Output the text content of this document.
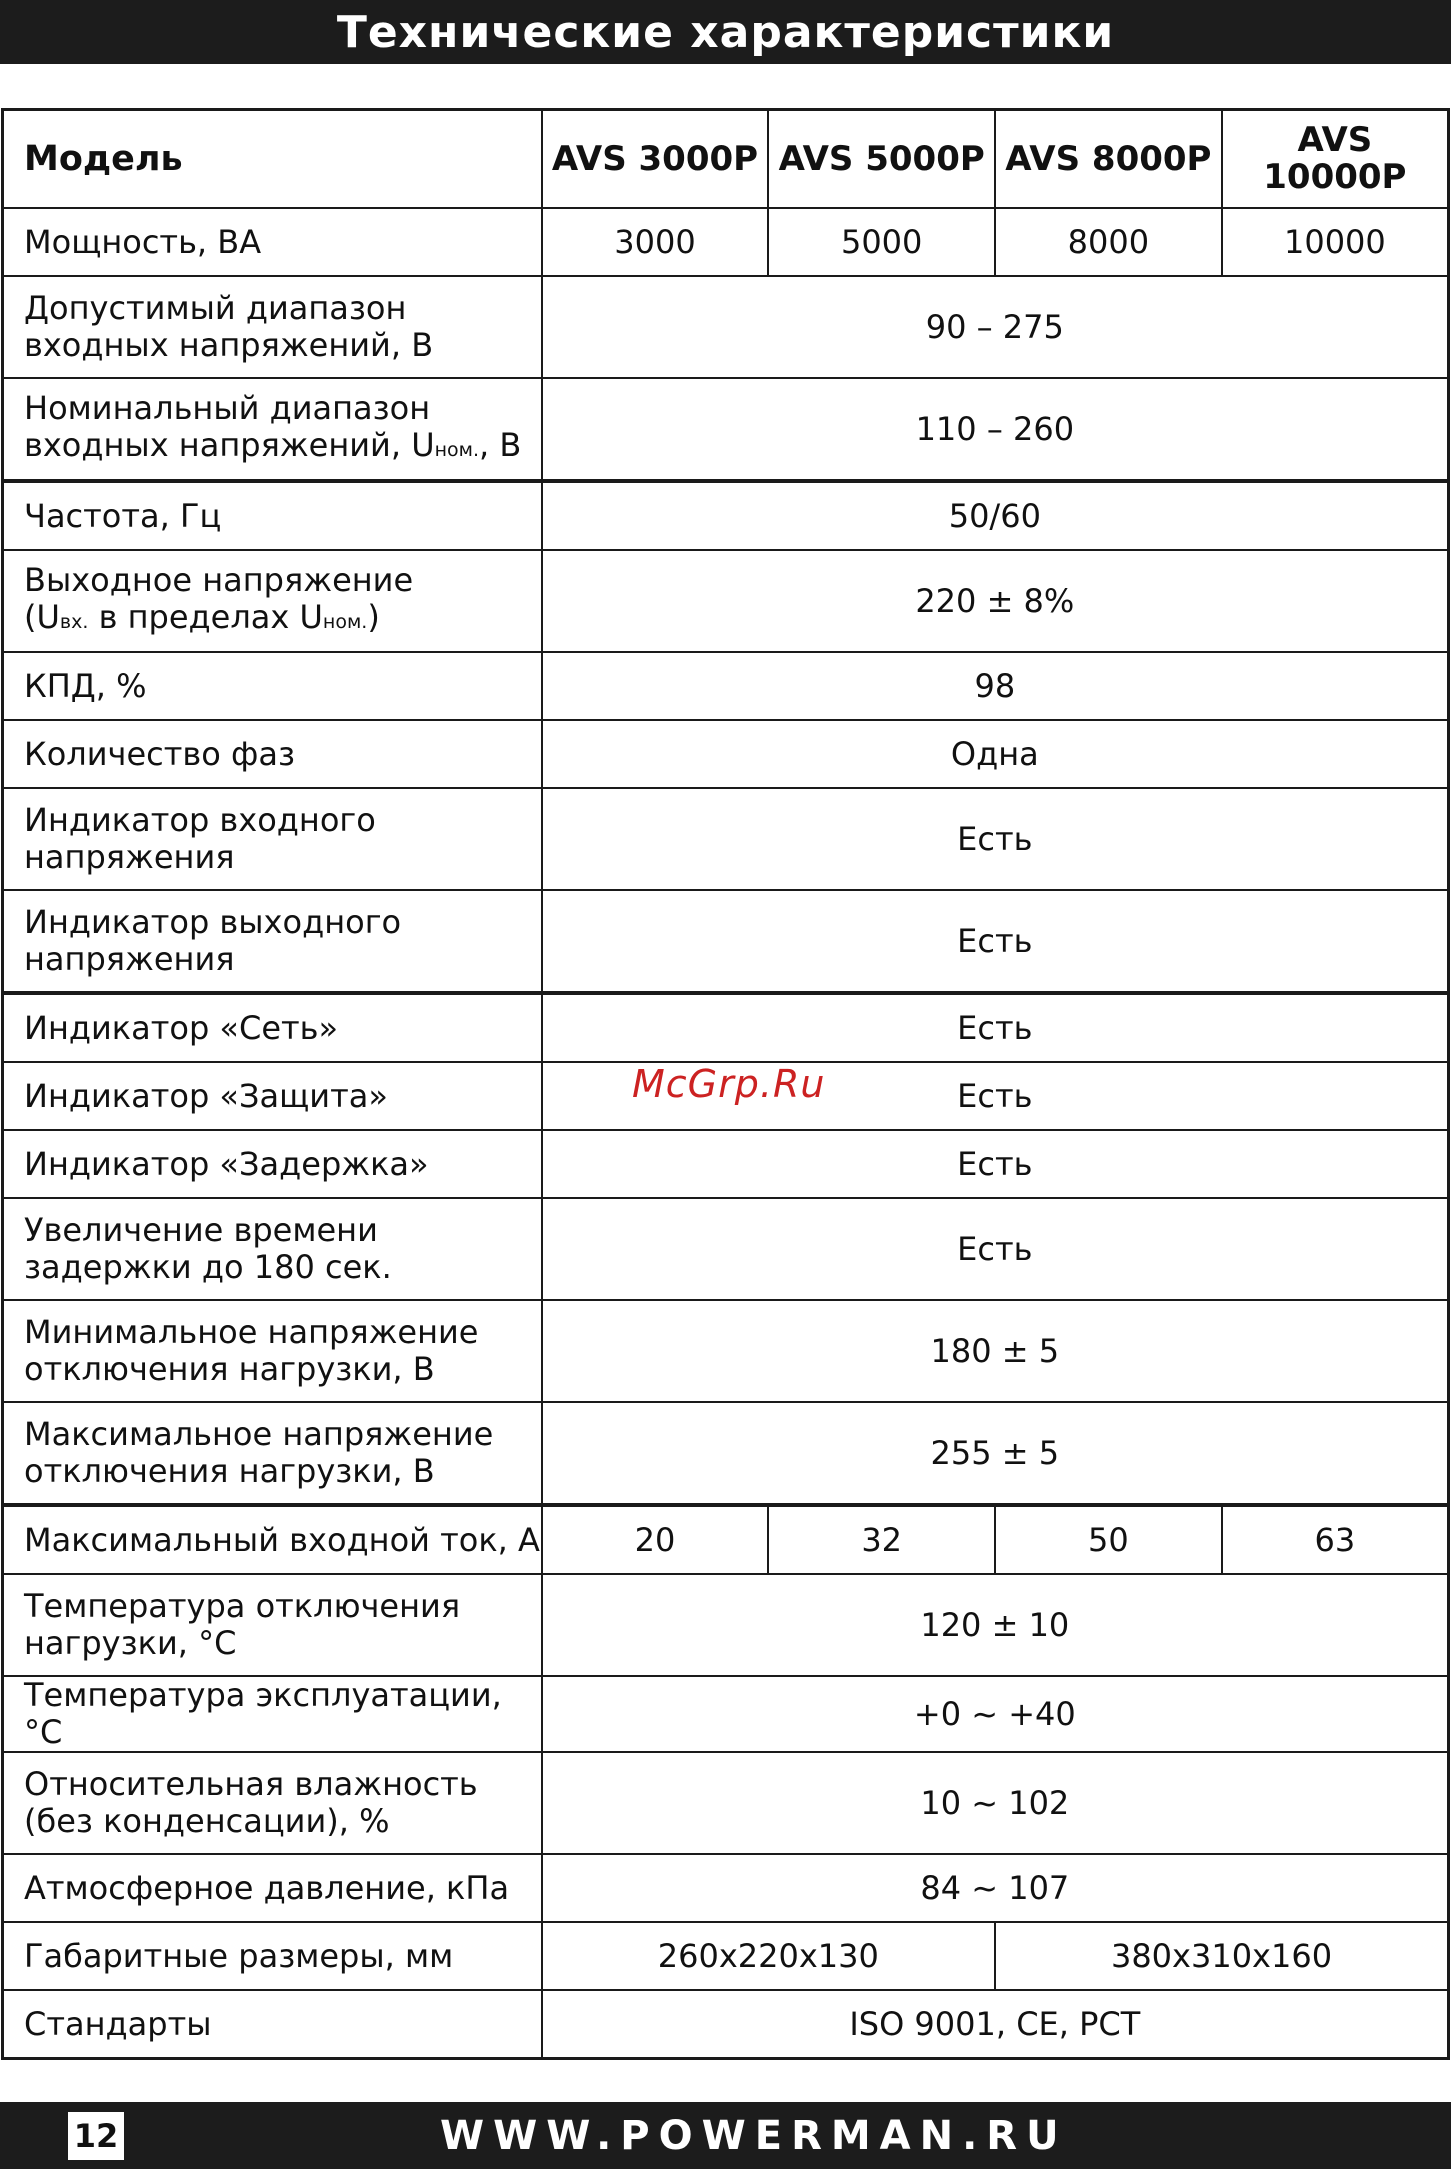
Технические характеристики
Модель	AVS 3000P	AVS 5000P	AVS 8000P	AVS 10000P
Мощность, ВА	3000	5000	8000	10000
Допустимый диапазон
входных напряжений, В	90 – 275			
Номинальный диапазон
входных напряжений, Uном., В	110 – 260			
Частота, Гц	50/60			
Выходное напряжение
(Uвх. в пределах Uном.)	220 ± 8%			
КПД, %	98			
Количество фаз	Одна			
Индикатор входного
напряжения	Есть			
Индикатор выходного
напряжения	Есть			
Индикатор «Сеть»	Есть			
Индикатор «Защита»	Есть			
Индикатор «Задержка»	Есть			
Увеличение времени
задержки до 180 сек.	Есть			
Минимальное напряжение
отключения нагрузки, В	180 ± 5			
Максимальное напряжение
отключения нагрузки, В	255 ± 5			
Максимальный входной ток, А	20	32	50	63
Температура отключения
нагрузки, °С	120 ± 10			
Температура эксплуатации, °С	+0 ~ +40			
Относительная влажность
(без конденсации), %	10 ~ 102			
Атмосферное давление, кПа	84 ~ 107			
Габаритные размеры, мм	260x220x130		380x310x160	
Стандарты	ISO 9001, CE, PCT			
McGrp.Ru
12	WWW.POWERMAN.RU
